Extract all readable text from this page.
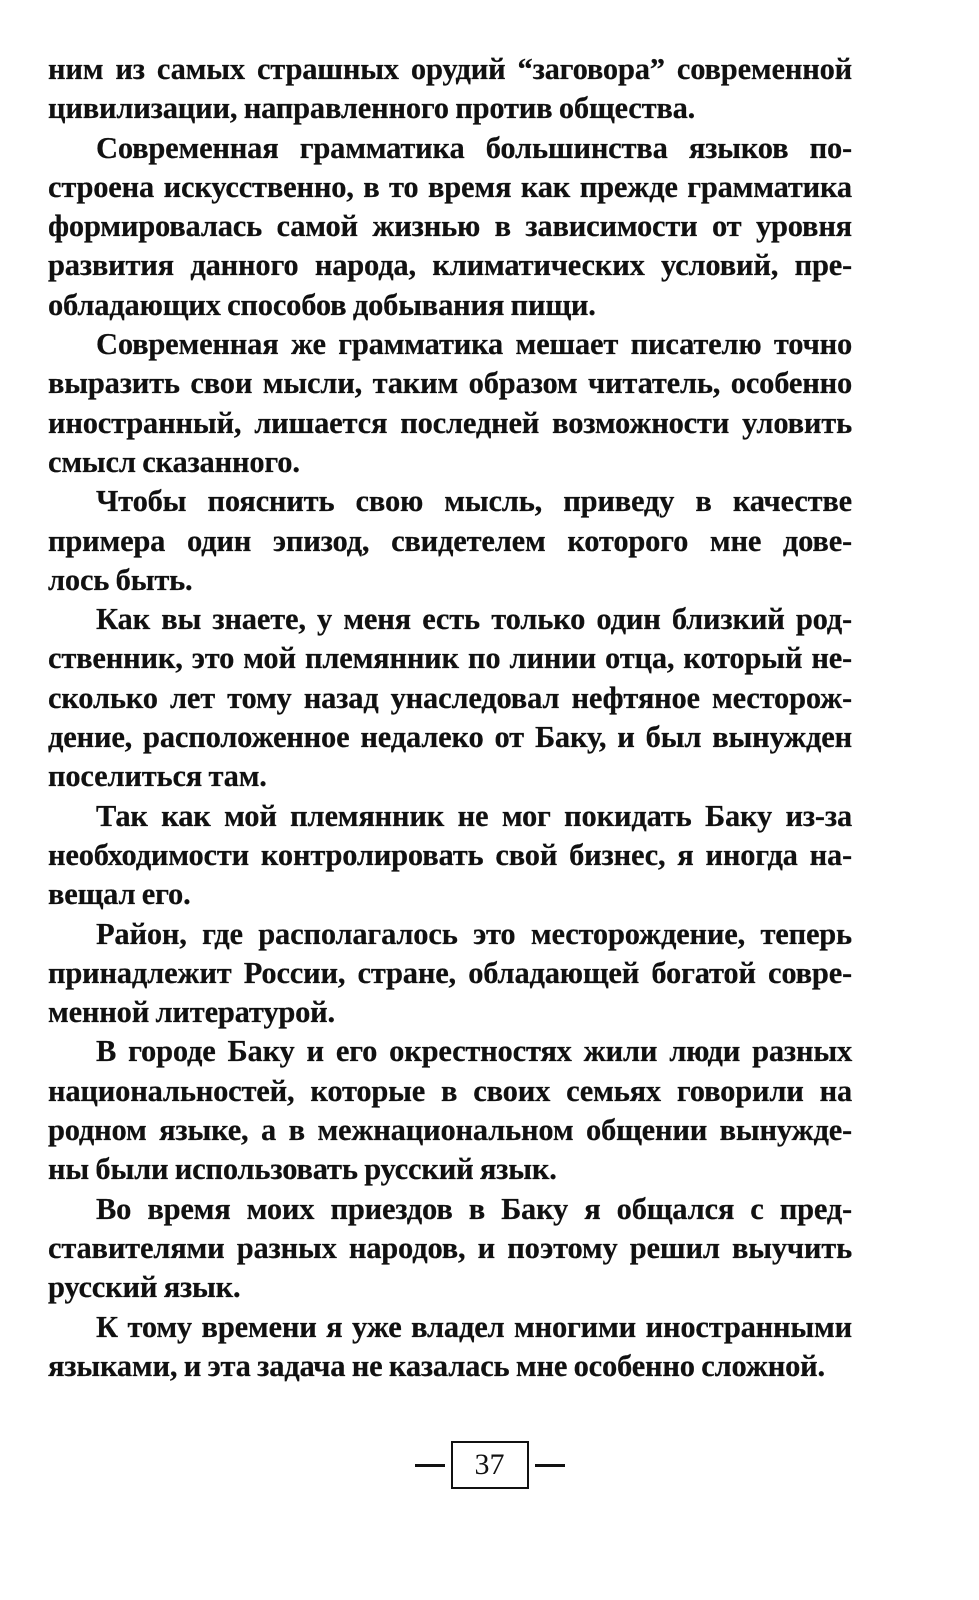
ним из самых страшных орудий “заговора” современной
цивилизации, направленного против общества.
Современная грамматика большинства языков по-
строена искусственно, в то время как прежде грамматика
формировалась самой жизнью в зависимости от уровня
развития данного народа, климатических условий, пре-
обладающих способов добывания пищи.
Современная же грамматика мешает писателю точно
выразить свои мысли, таким образом читатель, особенно
иностранный, лишается последней возможности уловить
смысл сказанного.
Чтобы пояснить свою мысль, приведу в качестве
примера один эпизод, свидетелем которого мне дове-
лось быть.
Как вы знаете, у меня есть только один близкий род-
ственник, это мой племянник по линии отца, который не-
сколько лет тому назад унаследовал нефтяное месторож-
дение, расположенное недалеко от Баку, и был вынужден
поселиться там.
Так как мой племянник не мог покидать Баку из-за
необходимости контролировать свой бизнес, я иногда на-
вещал его.
Район, где располагалось это месторождение, теперь
принадлежит России, стране, обладающей богатой совре-
менной литературой.
В городе Баку и его окрестностях жили люди разных
национальностей, которые в своих семьях говорили на
родном языке, а в межнациональном общении вынужде-
ны были использовать русский язык.
Во время моих приездов в Баку я общался с пред-
ставителями разных народов, и поэтому решил выучить
русский язык.
К тому времени я уже владел многими иностранными
языками, и эта задача не казалась мне особенно сложной.
37
